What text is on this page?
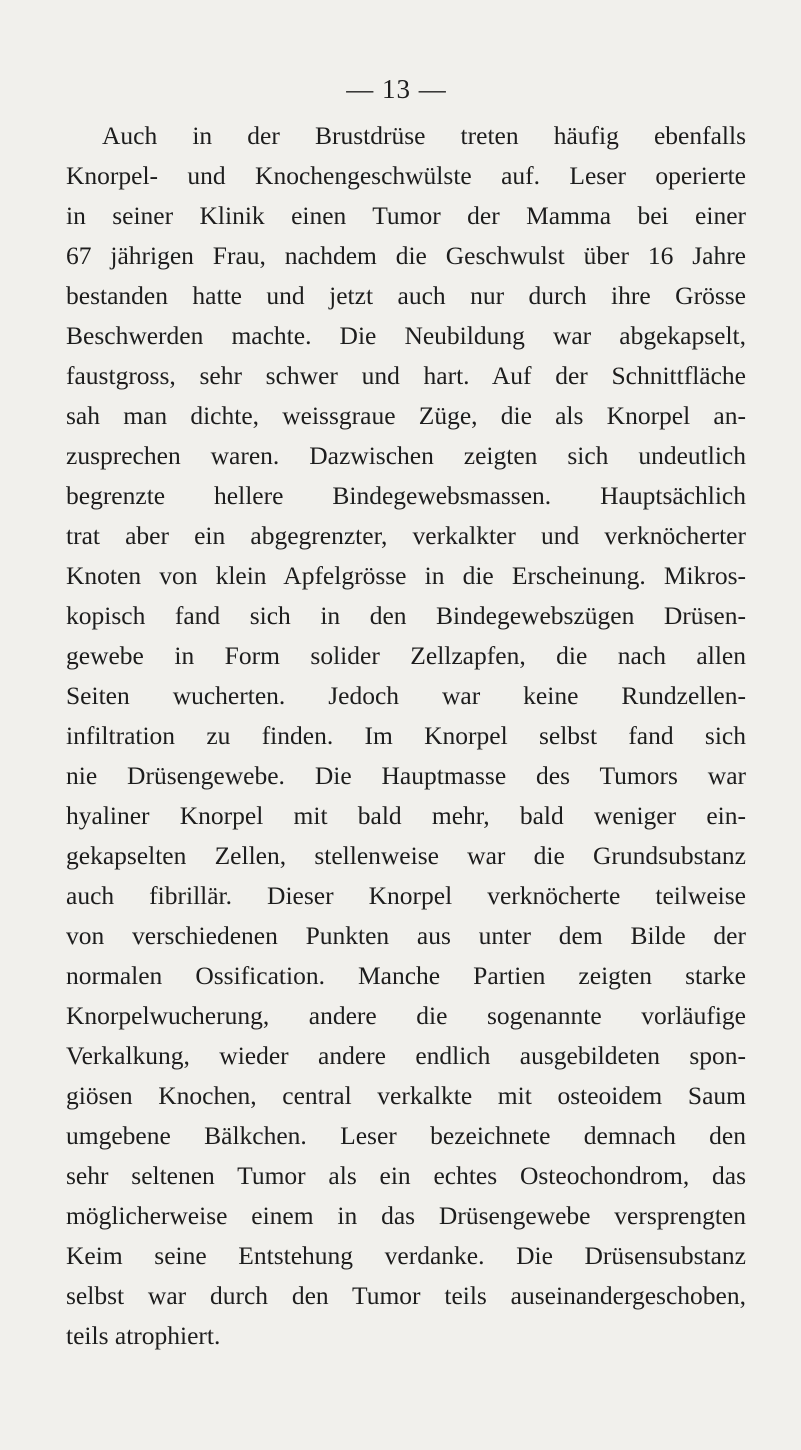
— 13 —
Auch in der Brustdrüse treten häufig ebenfalls
Knorpel- und Knochengeschwülste auf. Leser operierte
in seiner Klinik einen Tumor der Mamma bei einer
67 jährigen Frau, nachdem die Geschwulst über 16 Jahre
bestanden hatte und jetzt auch nur durch ihre Grösse
Beschwerden machte. Die Neubildung war abgekapselt,
faustgross, sehr schwer und hart. Auf der Schnittfläche
sah man dichte, weissgraue Züge, die als Knorpel an-
zusprechen waren. Dazwischen zeigten sich undeutlich
begrenzte hellere Bindegewebsmassen. Hauptsächlich
trat aber ein abgegrenzter, verkalkter und verknöcherter
Knoten von klein Apfelgrösse in die Erscheinung. Mikros-
kopisch fand sich in den Bindegewebszügen Drüsen-
gewebe in Form solider Zellzapfen, die nach allen
Seiten wucherten. Jedoch war keine Rundzellen-
infiltration zu finden. Im Knorpel selbst fand sich
nie Drüsengewebe. Die Hauptmasse des Tumors war
hyaliner Knorpel mit bald mehr, bald weniger ein-
gekapselten Zellen, stellenweise war die Grundsubstanz
auch fibrillär. Dieser Knorpel verknöcherte teilweise
von verschiedenen Punkten aus unter dem Bilde der
normalen Ossification. Manche Partien zeigten starke
Knorpelwucherung, andere die sogenannte vorläufige
Verkalkung, wieder andere endlich ausgebildeten spon-
giösen Knochen, central verkalkte mit osteoidem Saum
umgebene Bälkchen. Leser bezeichnete demnach den
sehr seltenen Tumor als ein echtes Osteochondrom, das
möglicherweise einem in das Drüsengewebe versprengten
Keim seine Entstehung verdanke. Die Drüsensubstanz
selbst war durch den Tumor teils auseinandergeschoben,
teils atrophiert.
